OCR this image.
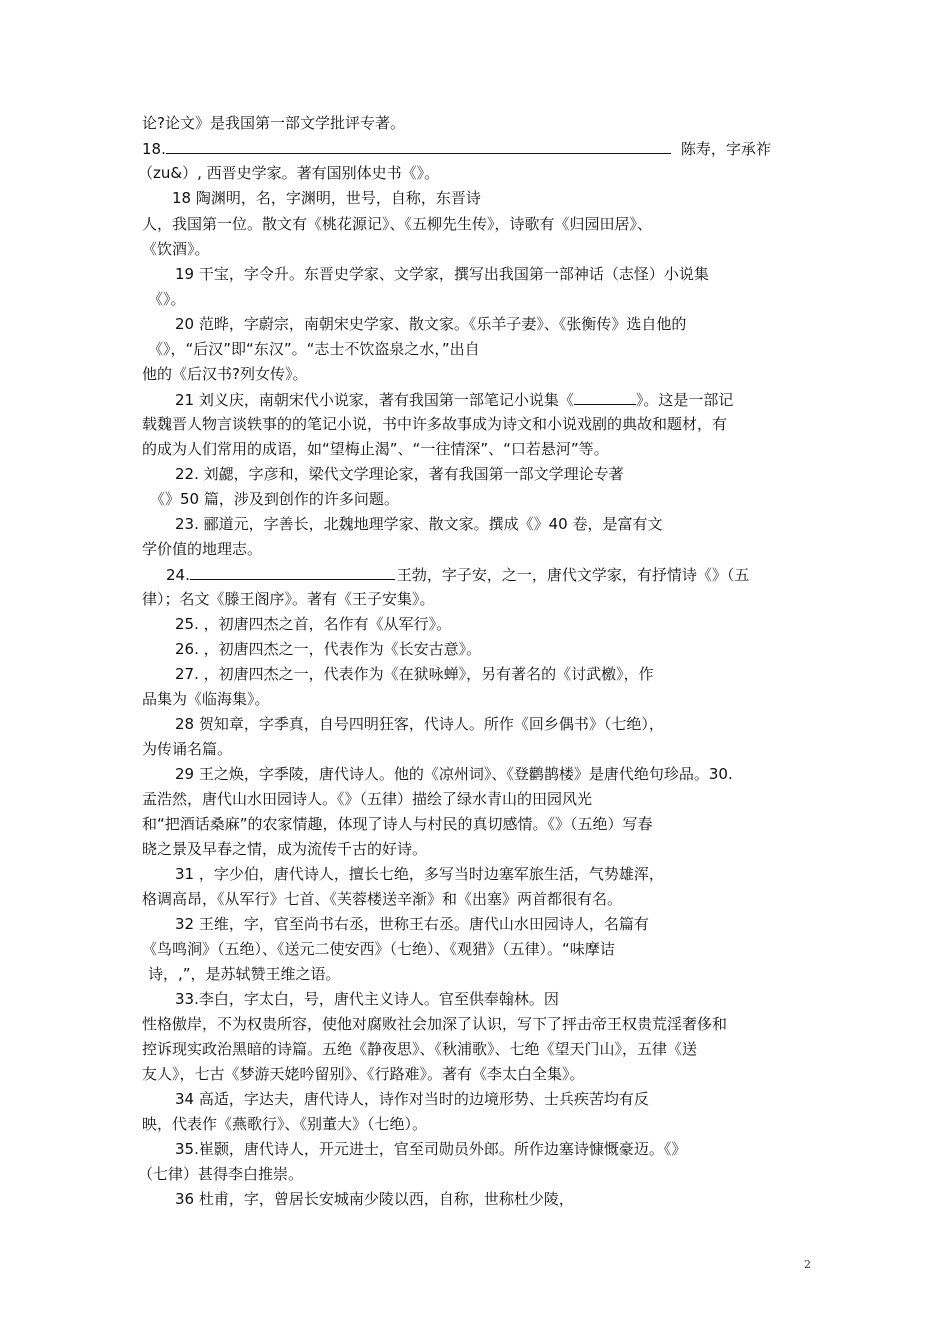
论?论文》是我国第一部文学批评专著。
18.	陈寿，字承祚
（zu&）, 西晋史学家。著有国别体史书《》。
18 陶渊明，名，字渊明，世号，自称，东晋诗
人，我国第一位。散文有《桃花源记》、《五柳先生传》，诗歌有《归园田居》、
《饮酒》。
19 干宝，字令升。东晋史学家、文学家，撰写出我国第一部神话（志怪）小说集
《》。
20 范晔，字蔚宗，南朝宋史学家、散文家。《乐羊子妻》、《张衡传》选自他的
《》，“后汉”即“东汉”。“志士不饮盗泉之水，”出自
他的《后汉书?列女传》。
21 刘义庆，南朝宋代小说家，著有我国第一部笔记小说集《	》。这是一部记
载魏晋人物言谈轶事的的笔记小说，书中许多故事成为诗文和小说戏剧的典故和题材，有
的成为人们常用的成语，如“望梅止渴”、“一往情深”、“口若悬河”等。
22. 刘勰，字彦和，梁代文学理论家，著有我国第一部文学理论专著
《》50 篇，涉及到创作的许多问题。
23. 郦道元，字善长，北魏地理学家、散文家。撰成《》40 卷，是富有文
学价值的地理志。
24.	王勃，字子安，之一，唐代文学家，有抒情诗《》（五
律）；名文《滕王阁序》。著有《王子安集》。
25. ，初唐四杰之首，名作有《从军行》。
26. ，初唐四杰之一，代表作为《长安古意》。
27. ，初唐四杰之一，代表作为《在狱咏蝉》，另有著名的《讨武檄》，作
品集为《临海集》。
28 贺知章，字季真，自号四明狂客，代诗人。所作《回乡偶书》（七绝），
为传诵名篇。
29 王之焕，字季陵，唐代诗人。他的《凉州词》、《登鹳鹊楼》是唐代绝句珍品。30.
孟浩然，唐代山水田园诗人。《》（五律）描绘了绿水青山的田园风光
和“把酒话桑麻”的农家情趣，体现了诗人与村民的真切感情。《》（五绝）写春
晓之景及早春之情，成为流传千古的好诗。
31 ，字少伯，唐代诗人，擅长七绝，多写当时边塞军旅生活，气势雄浑，
格调高昂，《从军行》七首、《芙蓉楼送辛渐》和《出塞》两首都很有名。
32 王维，字，官至尚书右丞，世称王右丞。唐代山水田园诗人，名篇有
《鸟鸣涧》（五绝）、《送元二使安西》（七绝）、《观猎》（五律）。“味摩诘
诗，,”，是苏轼赞王维之语。
33.李白，字太白，号，唐代主义诗人。官至供奉翰林。因
性格傲岸，不为权贵所容，使他对腐败社会加深了认识，写下了抨击帝王权贵荒淫奢侈和
控诉现实政治黑暗的诗篇。五绝《静夜思》、《秋浦歌》、七绝《望天门山》，五律《送
友人》，七古《梦游天姥吟留别》、《行路难》。著有《李太白全集》。
34 高适，字达夫，唐代诗人，诗作对当时的边境形势、士兵疾苦均有反
映，代表作《燕歌行》、《别董大》（七绝）。
35.崔颢，唐代诗人，开元进士，官至司勋员外郎。所作边塞诗慷慨豪迈。《》
（七律）甚得李白推崇。
36 杜甫，字，曾居长安城南少陵以西，自称，世称杜少陵，
2
